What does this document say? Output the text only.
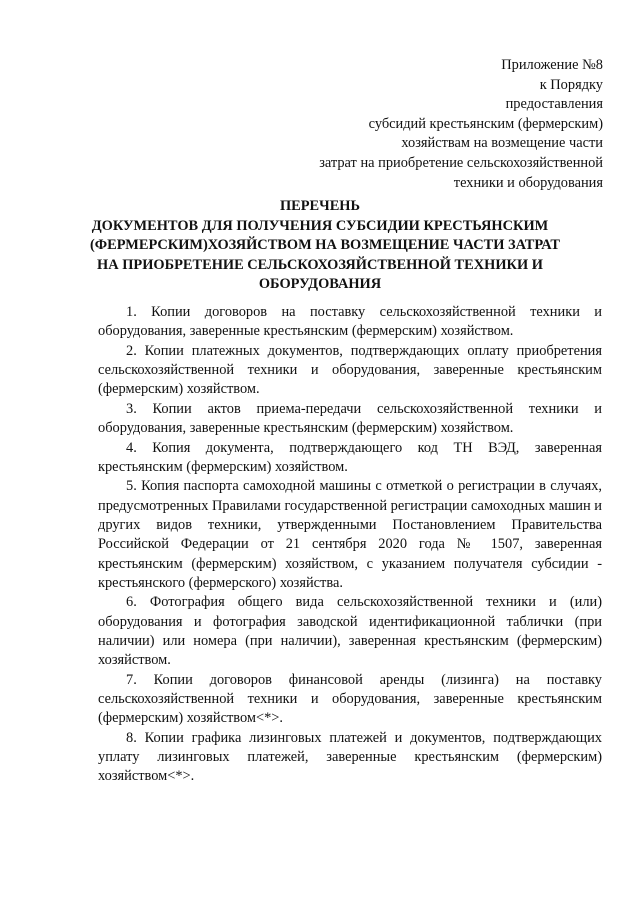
Приложение №8
к Порядку
предоставления
субсидий крестьянским (фермерским)
хозяйствам на возмещение части
затрат на приобретение сельскохозяйственной
техники и оборудования
ПЕРЕЧЕНЬ
ДОКУМЕНТОВ ДЛЯ ПОЛУЧЕНИЯ СУБСИДИИ КРЕСТЬЯНСКИМ
(ФЕРМЕРСКИМ)ХОЗЯЙСТВОМ НА ВОЗМЕЩЕНИЕ ЧАСТИ ЗАТРАТ
НА ПРИОБРЕТЕНИЕ СЕЛЬСКОХОЗЯЙСТВЕННОЙ ТЕХНИКИ И
ОБОРУДОВАНИЯ

1. Копии договоров на поставку сельскохозяйственной техники и оборудования, заверенные крестьянским (фермерским) хозяйством.

2. Копии платежных документов, подтверждающих оплату приобретения сельскохозяйственной техники и оборудования, заверенные крестьянским (фермерским) хозяйством.

3. Копии актов приема-передачи сельскохозяйственной техники и оборудования, заверенные крестьянским (фермерским) хозяйством.

4. Копия документа, подтверждающего код ТН ВЭД, заверенная крестьянским (фермерским) хозяйством.

5. Копия паспорта самоходной машины с отметкой о регистрации в случаях, предусмотренных Правилами государственной регистрации самоходных машин и других видов техники, утвержденными Постановлением Правительства Российской Федерации от 21 сентября 2020 года № 1507, заверенная крестьянским (фермерским) хозяйством, с указанием получателя субсидии - крестьянского (фермерского) хозяйства.

6. Фотография общего вида сельскохозяйственной техники и (или) оборудования и фотография заводской идентификационной таблички (при наличии) или номера (при наличии), заверенная крестьянским (фермерским) хозяйством.

7. Копии договоров финансовой аренды (лизинга) на поставку сельскохозяйственной техники и оборудования, заверенные крестьянским (фермерским) хозяйством<*>.

8. Копии графика лизинговых платежей и документов, подтверждающих уплату лизинговых платежей, заверенные крестьянским (фермерским) хозяйством<*>.
